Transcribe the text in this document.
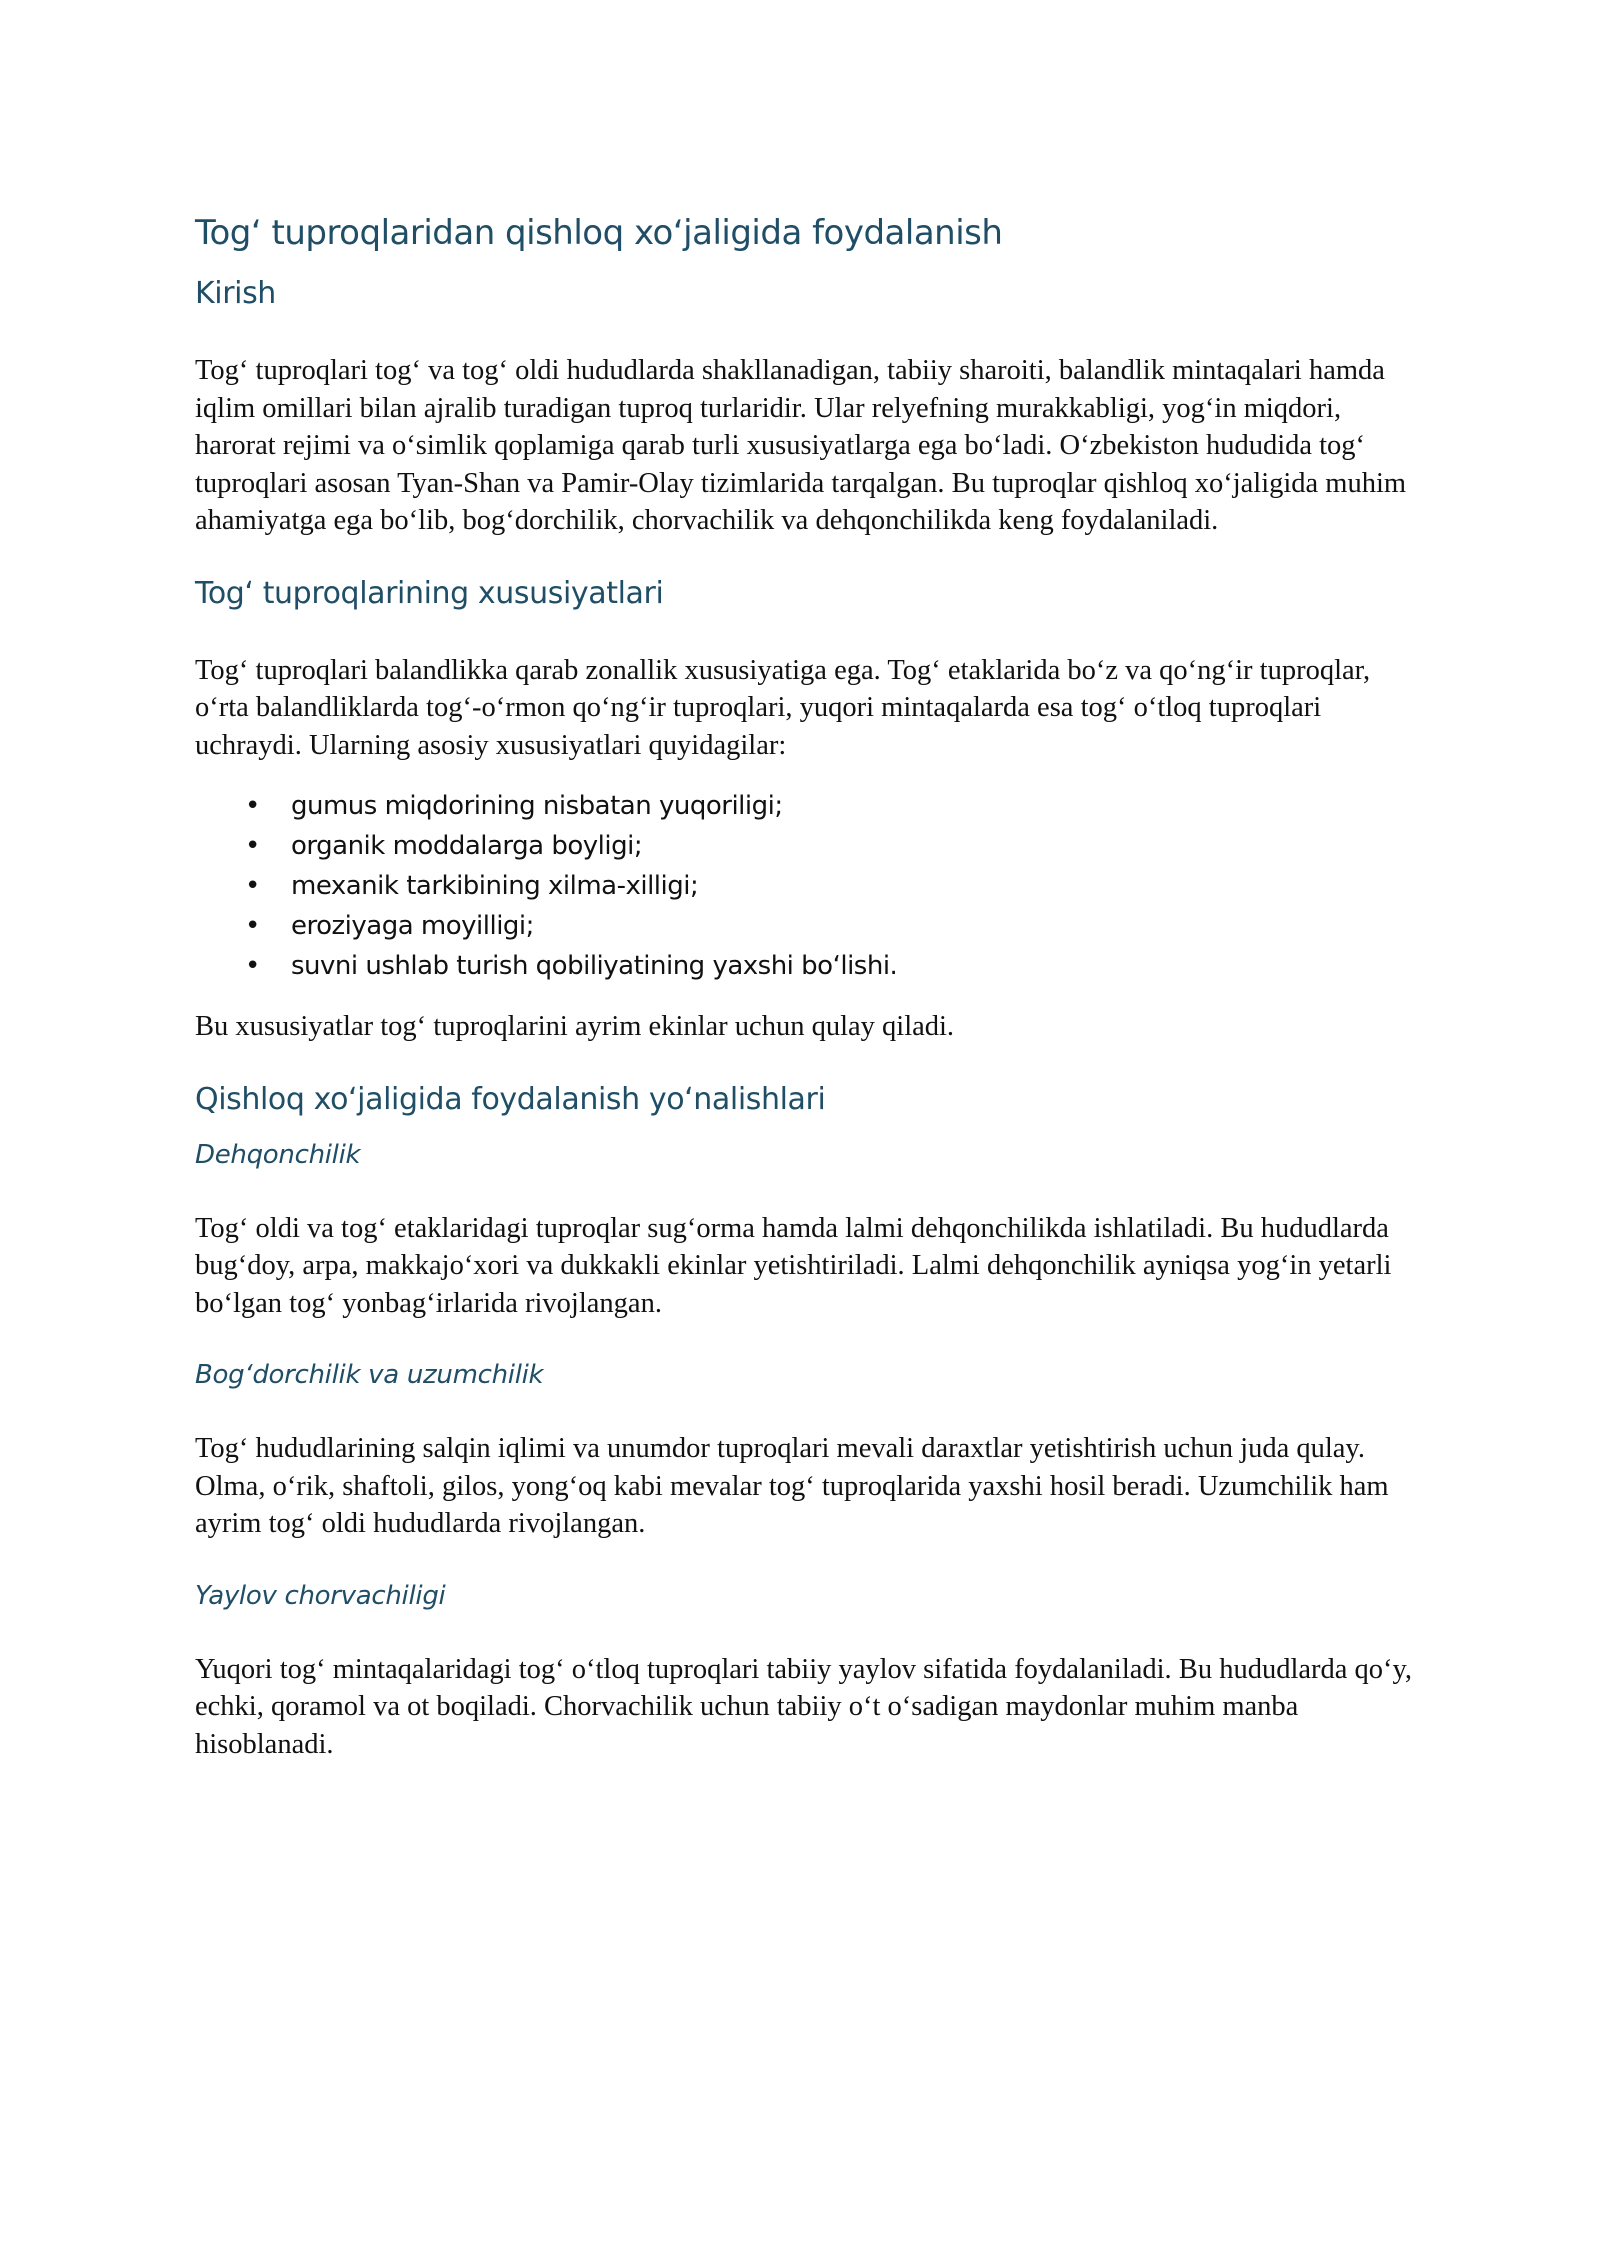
Tog‘ tuproqlaridan qishloq xo‘jaligida foydalanish
Kirish

Tog‘ tuproqlari tog‘ va tog‘ oldi hududlarda shakllanadigan, tabiiy sharoiti, balandlik mintaqalari hamda iqlim omillari bilan ajralib turadigan tuproq turlaridir. Ular relyefning murakkabligi, yog‘in miqdori, harorat rejimi va o‘simlik qoplamiga qarab turli xususiyatlarga ega bo‘ladi. O‘zbekiston hududida tog‘ tuproqlari asosan Tyan-Shan va Pamir-Olay tizimlarida tarqalgan. Bu tuproqlar qishloq xo‘jaligida muhim ahamiyatga ega bo‘lib, bog‘dorchilik, chorvachilik va dehqonchilikda keng foydalaniladi.

Tog‘ tuproqlarining xususiyatlari

Tog‘ tuproqlari balandlikka qarab zonallik xususiyatiga ega. Tog‘ etaklarida bo‘z va qo‘ng‘ir tuproqlar, o‘rta balandliklarda tog‘-o‘rmon qo‘ng‘ir tuproqlari, yuqori mintaqalarda esa tog‘ o‘tloq tuproqlari uchraydi. Ularning asosiy xususiyatlari quyidagilar:

• gumus miqdorining nisbatan yuqoriligi;
• organik moddalarga boyligi;
• mexanik tarkibining xilma-xilligi;
• eroziyaga moyilligi;
• suvni ushlab turish qobiliyatining yaxshi bo‘lishi.

Bu xususiyatlar tog‘ tuproqlarini ayrim ekinlar uchun qulay qiladi.

Qishloq xo‘jaligida foydalanish yo‘nalishlari
Dehqonchilik

Tog‘ oldi va tog‘ etaklaridagi tuproqlar sug‘orma hamda lalmi dehqonchilikda ishlatiladi. Bu hududlarda bug‘doy, arpa, makkajo‘xori va dukkakli ekinlar yetishtiriladi. Lalmi dehqonchilik ayniqsa yog‘in yetarli bo‘lgan tog‘ yonbag‘irlarida rivojlangan.

Bog‘dorchilik va uzumchilik

Tog‘ hududlarining salqin iqlimi va unumdor tuproqlari mevali daraxtlar yetishtirish uchun juda qulay. Olma, o‘rik, shaftoli, gilos, yong‘oq kabi mevalar tog‘ tuproqlarida yaxshi hosil beradi. Uzumchilik ham ayrim tog‘ oldi hududlarda rivojlangan.

Yaylov chorvachiligi

Yuqori tog‘ mintaqalaridagi tog‘ o‘tloq tuproqlari tabiiy yaylov sifatida foydalaniladi. Bu hududlarda qo‘y, echki, qoramol va ot boqiladi. Chorvachilik uchun tabiiy o‘t o‘sadigan maydonlar muhim manba hisoblanadi.
